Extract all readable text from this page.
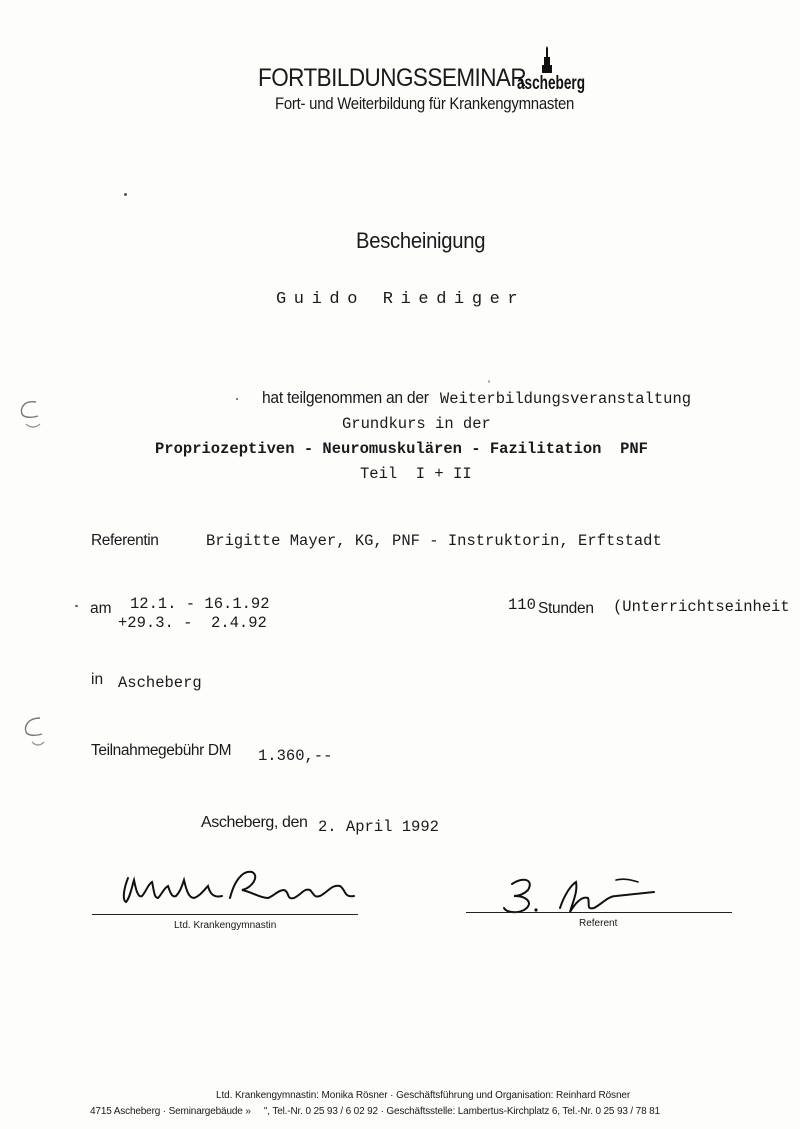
FORTBILDUNGSSEMINAR
ascheberg
Fort- und Weiterbildung für Krankengymnasten
Bescheinigung
Guido Riediger
hat teilgenommen an der Weiterbildungsveranstaltung
Grundkurs in der
Propriozeptiven - Neuromuskulären - Fazilitation  PNF
Teil  I + II
Referentin	Brigitte Mayer, KG, PNF - Instruktorin, Erftstadt
am 12.1. - 16.1.92
+29.3. -  2.4.92
110 Stunden (Unterrichtseinheit
in Ascheberg
Teilnahmegebühr DM 1.360,--
Ascheberg, den 2. April 1992
Ltd. Krankengymnastin	Referent
Ltd. Krankengymnastin: Monika Rösner · Geschäftsführung und Organisation: Reinhard Rösner
4715 Ascheberg · Seminargebäude »     ", Tel.-Nr. 0 25 93 / 6 02 92 · Geschäftsstelle: Lambertus-Kirchplatz 6, Tel.-Nr. 0 25 93 / 78 81
